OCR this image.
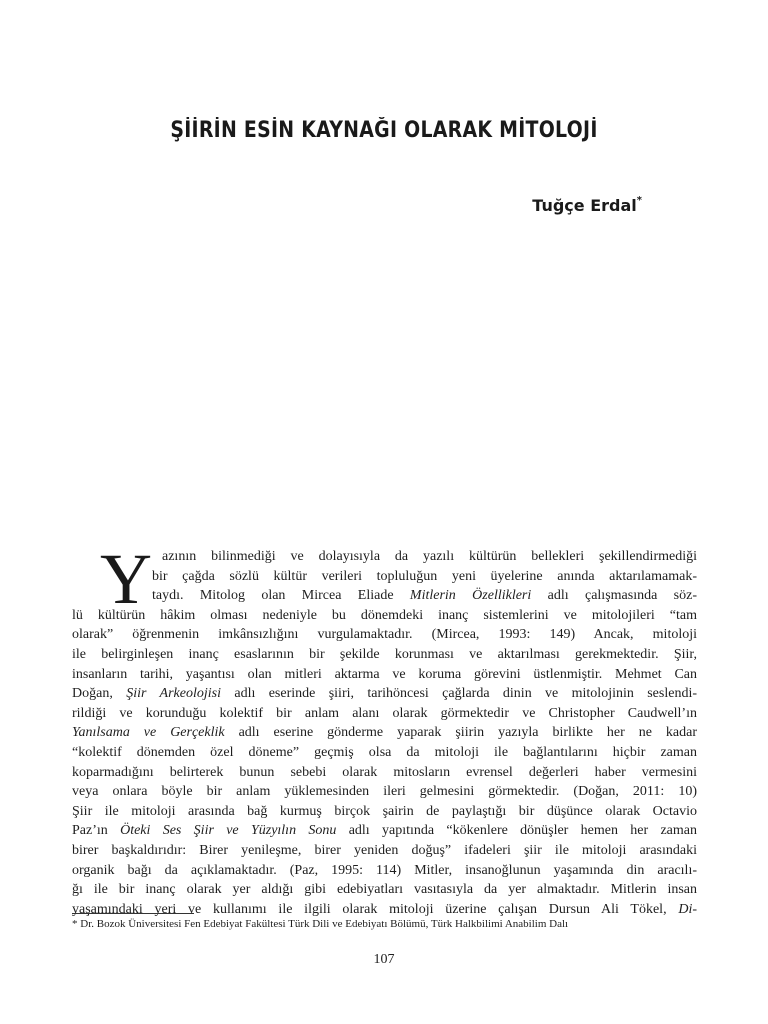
ŞİİRİN ESİN KAYNAĞI OLARAK MİTOLOJİ
Tuğçe Erdal*
Y azının bilinmediği ve dolayısıyla da yazılı kültürün bellekleri şekillendirmediği
bir çağda sözlü kültür verileri topluluğun yeni üyelerine anında aktarılamamak-
taydı. Mitolog olan Mircea Eliade Mitlerin Özellikleri adlı çalışmasında söz-
lü kültürün hâkim olması nedeniyle bu dönemdeki inanç sistemlerini ve mitolojileri “tam
olarak” öğrenmenin imkânsızlığını vurgulamaktadır. (Mircea, 1993: 149) Ancak, mitoloji
ile belirginleşen inanç esaslarının bir şekilde korunması ve aktarılması gerekmektedir. Şiir,
insanların tarihi, yaşantısı olan mitleri aktarma ve koruma görevini üstlenmiştir. Mehmet Can
Doğan, Şiir Arkeolojisi adlı eserinde şiiri, tarihöncesi çağlarda dinin ve mitolojinin seslendi-
rildiği ve korunduğu kolektif bir anlam alanı olarak görmektedir ve Christopher Caudwell’ın
Yanılsama ve Gerçeklik adlı eserine gönderme yaparak şiirin yazıyla birlikte her ne kadar
“kolektif dönemden özel döneme” geçmiş olsa da mitoloji ile bağlantılarını hiçbir zaman
koparmadığını belirterek bunun sebebi olarak mitosların evrensel değerleri haber vermesini
veya onlara böyle bir anlam yüklemesinden ileri gelmesini görmektedir. (Doğan, 2011: 10)
Şiir ile mitoloji arasında bağ kurmuş birçok şairin de paylaştığı bir düşünce olarak Octavio
Paz’ın Öteki Ses Şiir ve Yüzyılın Sonu adlı yapıtında “kökenlere dönüşler hemen her zaman
birer başkaldırıdır: Birer yenileşme, birer yeniden doğuş” ifadeleri şiir ile mitoloji arasındaki
organik bağı da açıklamaktadır. (Paz, 1995: 114) Mitler, insanoğlunun yaşamında din aracılı-
ğı ile bir inanç olarak yer aldığı gibi edebiyatları vasıtasıyla da yer almaktadır. Mitlerin insan
yaşamındaki yeri ve kullanımı ile ilgili olarak mitoloji üzerine çalışan Dursun Ali Tökel, Di-
* Dr. Bozok Üniversitesi Fen Edebiyat Fakültesi Türk Dili ve Edebiyatı Bölümü, Türk Halkbilimi Anabilim Dalı
107
